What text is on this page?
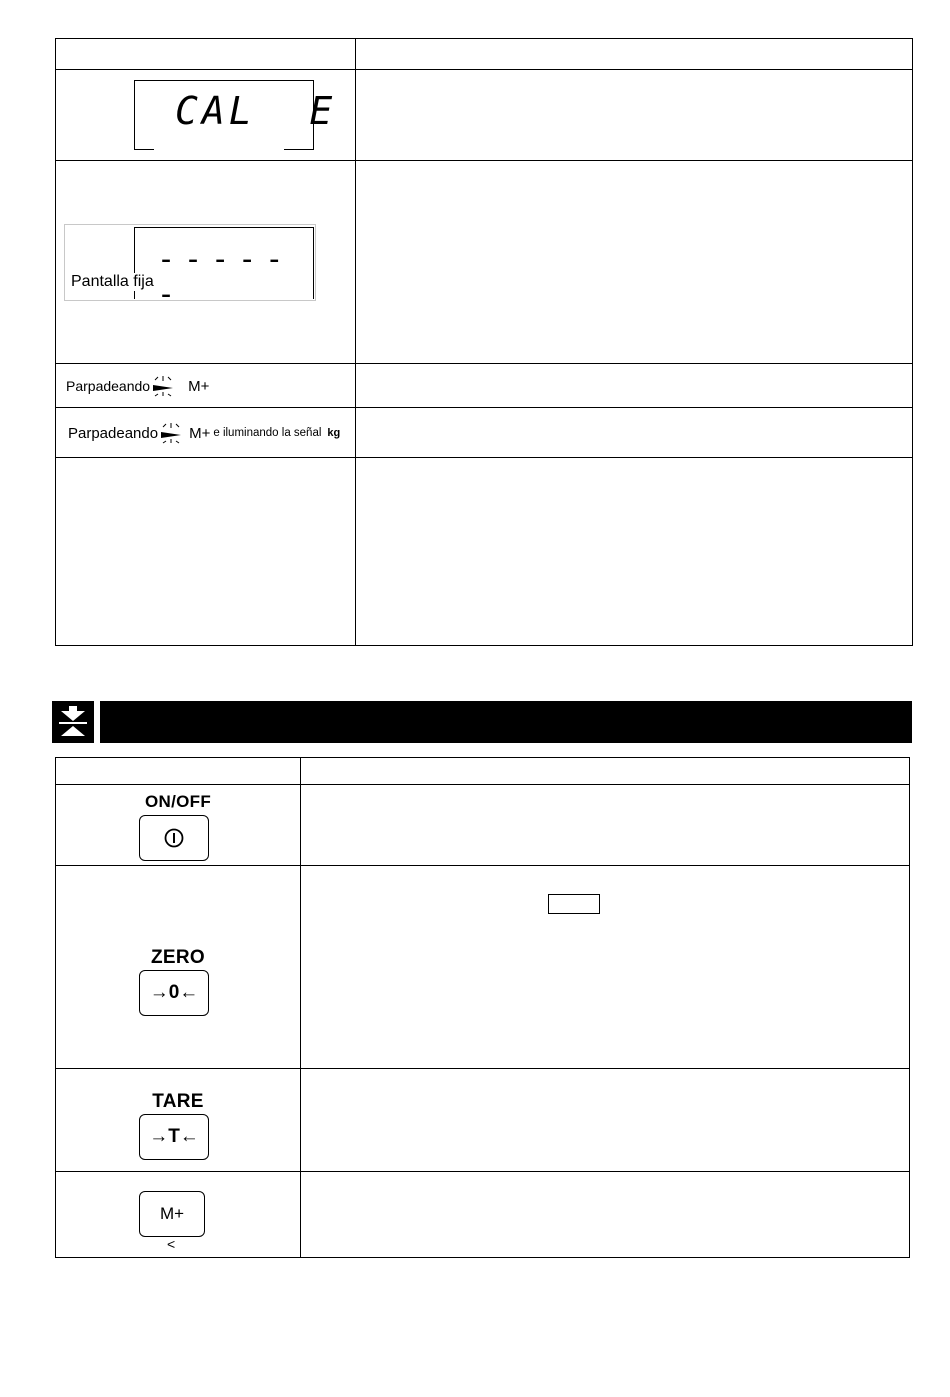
CAL  E	

------
Pantalla fija	

Parpadeando M+	

Parpadeando M+ e iluminando la señal kg	

ON/OFF	

ZERO
→0←	

TARE
→T←	

M+
<	
